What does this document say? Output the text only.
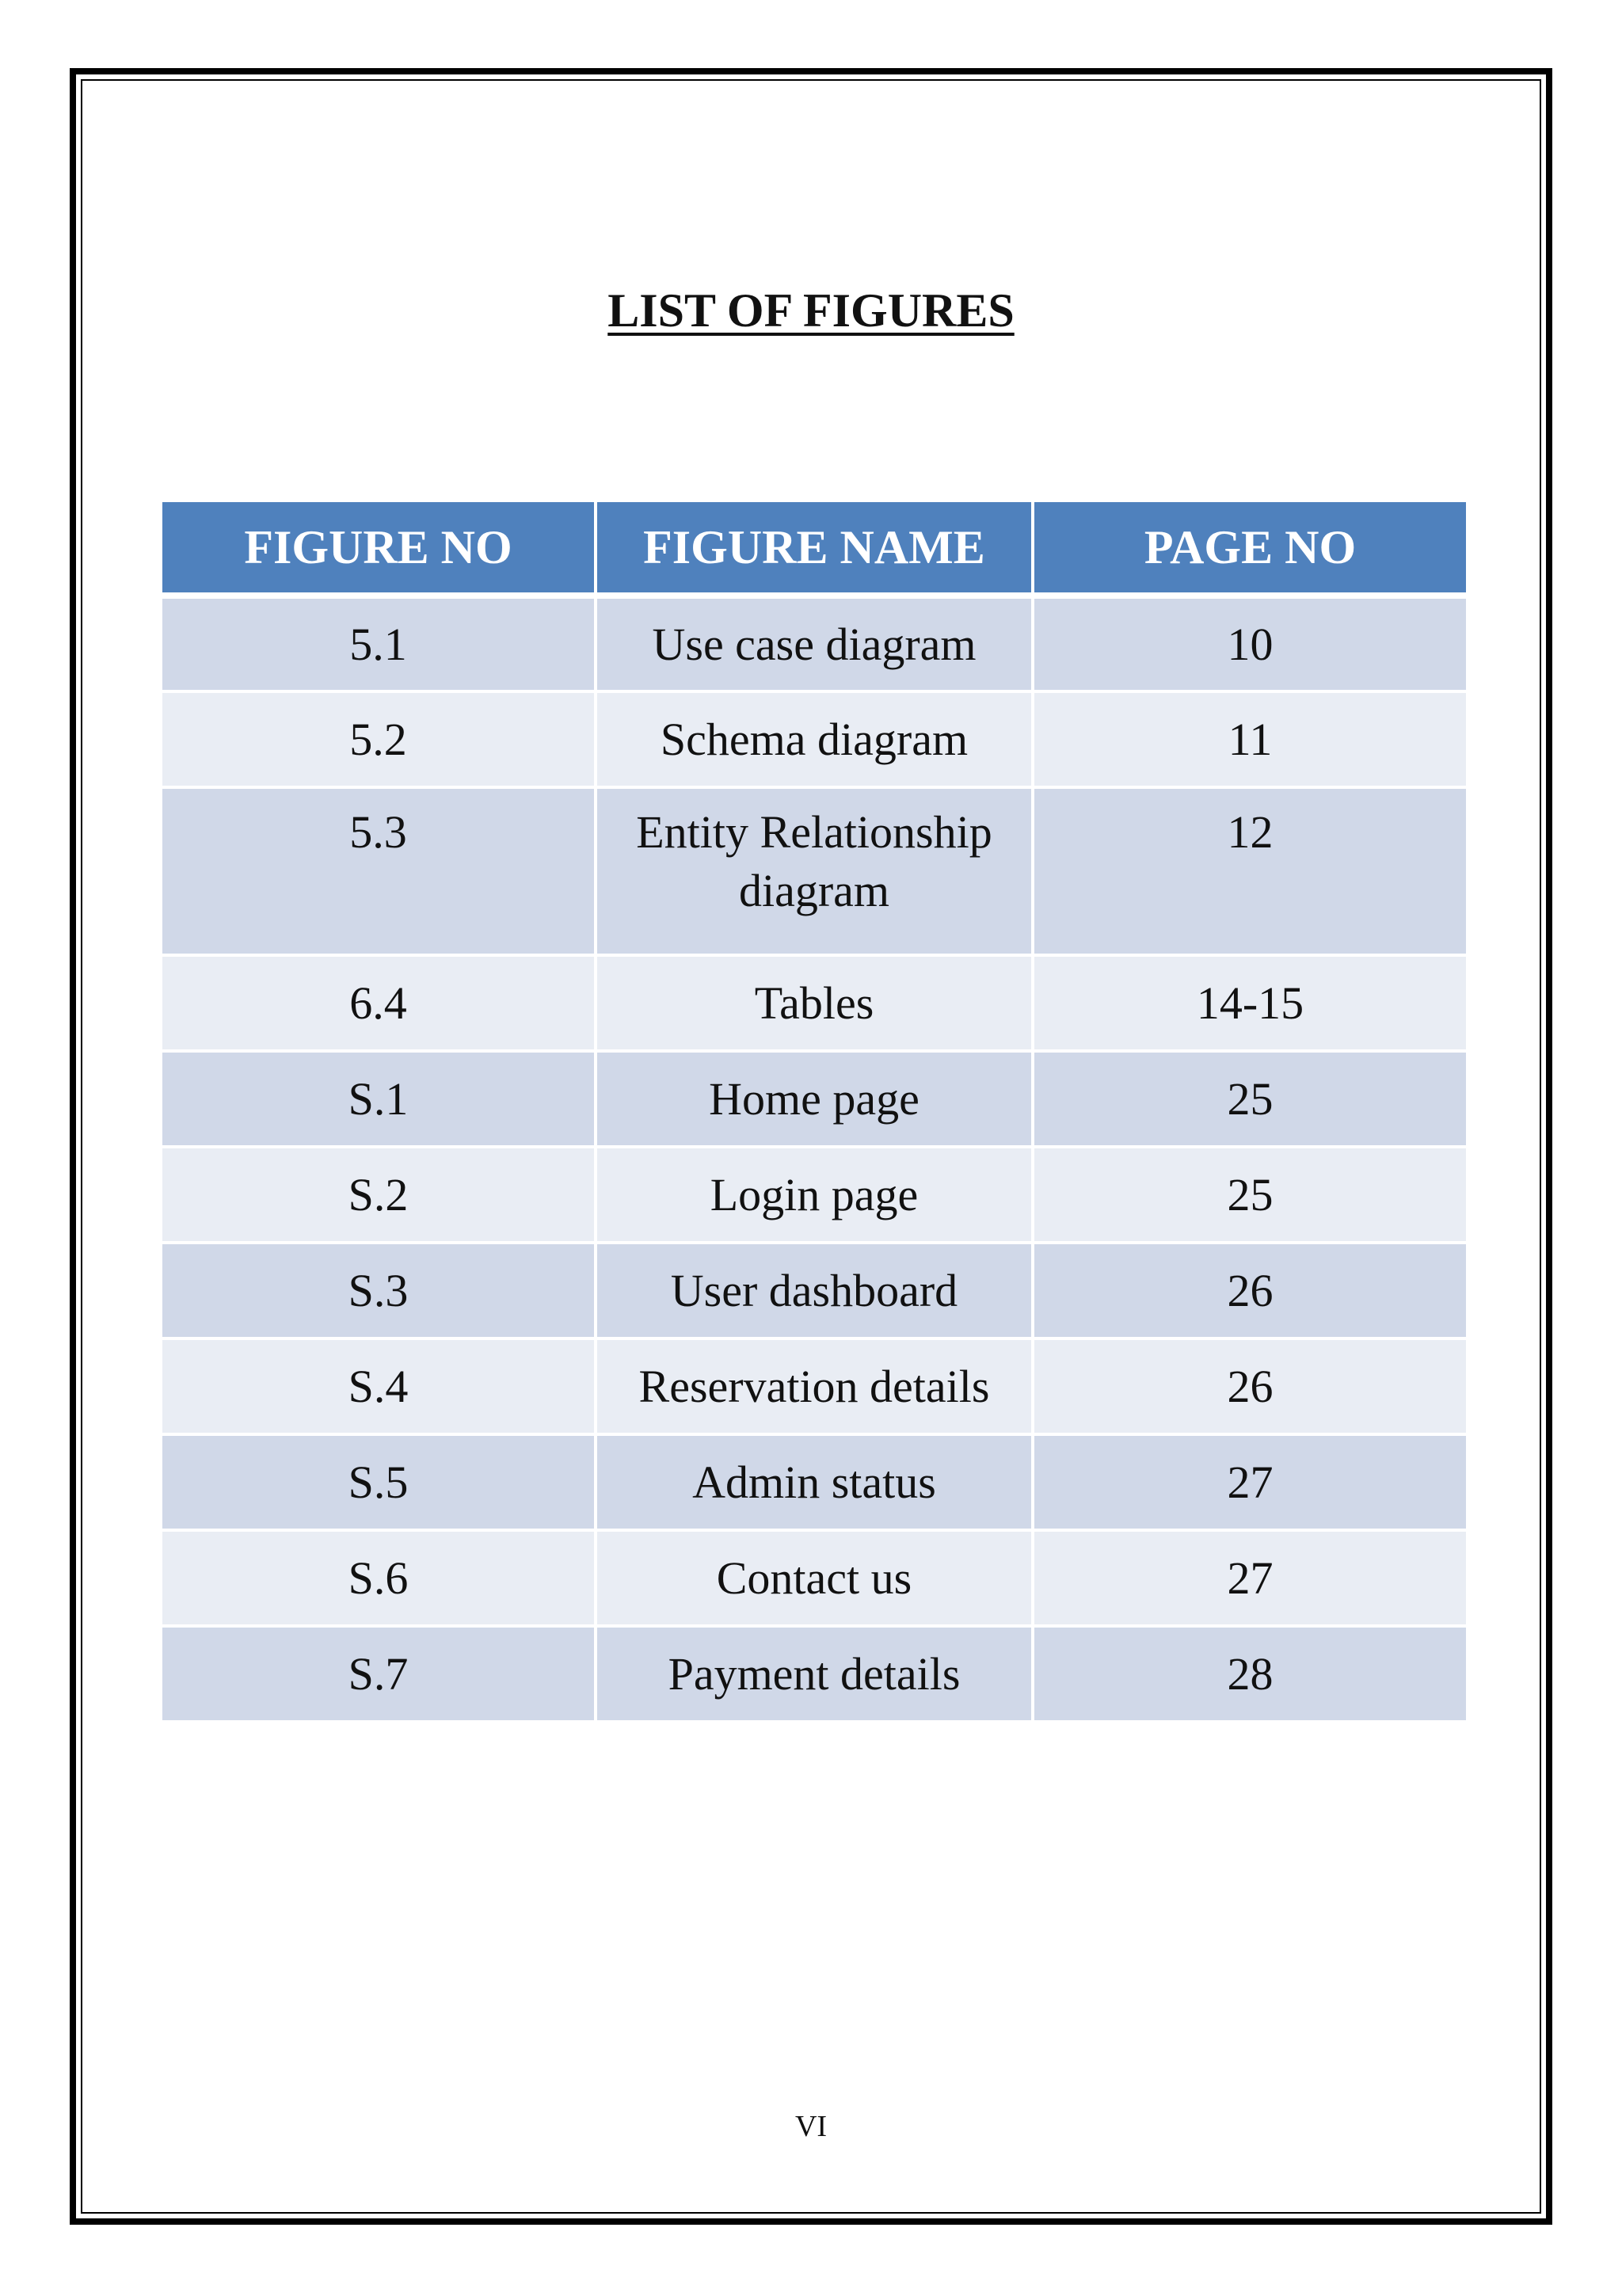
LIST OF FIGURES
FIGURE NO	FIGURE NAME	PAGE NO
5.1	Use case diagram	10
5.2	Schema diagram	11
5.3	Entity Relationship diagram	12
6.4	Tables	14-15
S.1	Home page	25
S.2	Login page	25
S.3	User dashboard	26
S.4	Reservation details	26
S.5	Admin status	27
S.6	Contact us	27
S.7	Payment details	28
VI
